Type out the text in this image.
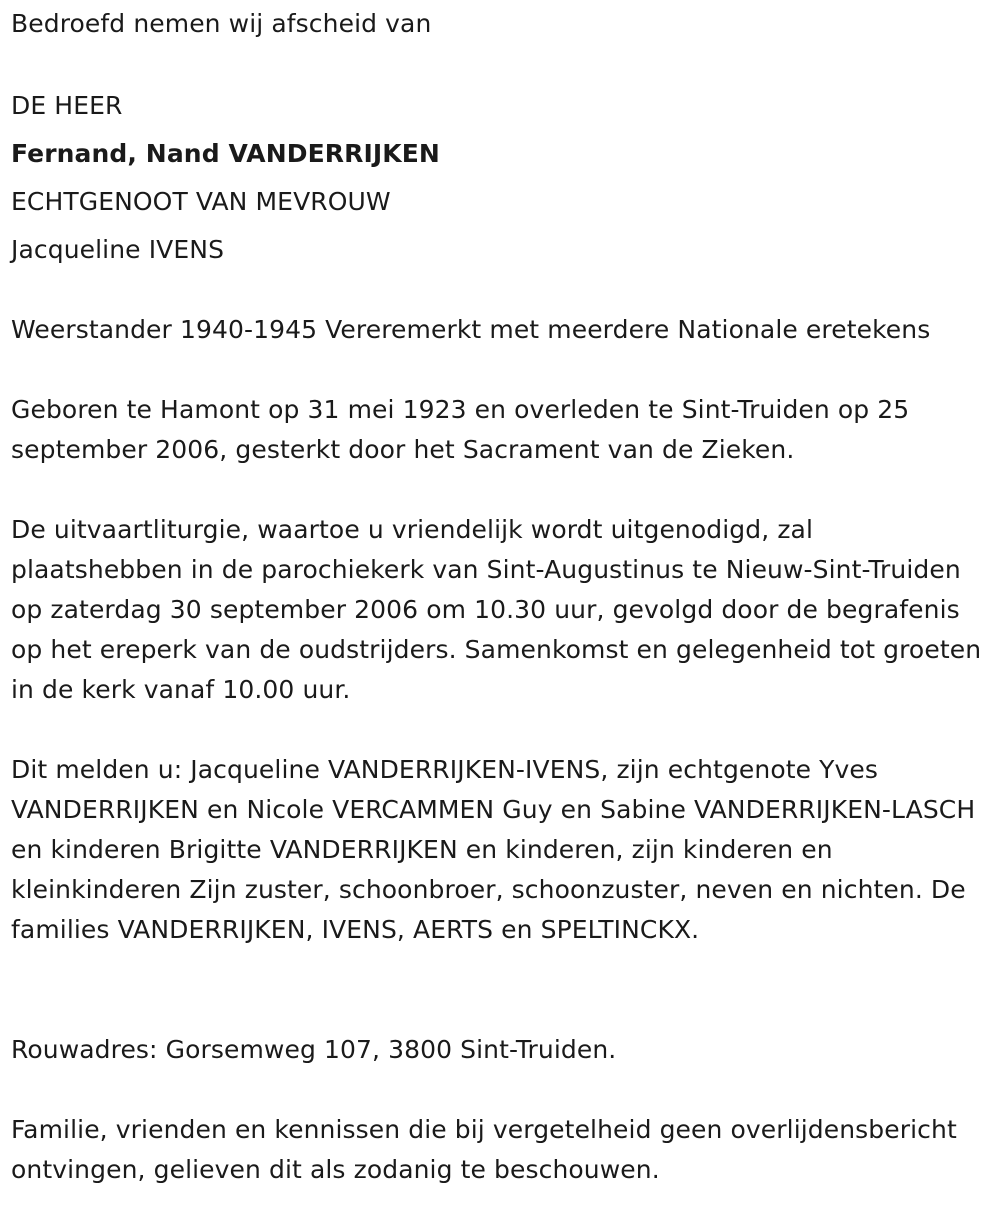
Bedroefd nemen wij afscheid van
DE HEER
Fernand, Nand VANDERRIJKEN
ECHTGENOOT VAN MEVROUW
Jacqueline IVENS
Weerstander 1940-1945 Vereremerkt met meerdere Nationale eretekens
Geboren te Hamont op 31 mei 1923 en overleden te Sint-Truiden op 25 september 2006, gesterkt door het Sacrament van de Zieken.
De uitvaartliturgie, waartoe u vriendelijk wordt uitgenodigd, zal plaatshebben in de parochiekerk van Sint-Augustinus te Nieuw-Sint-Truiden op zaterdag 30 september 2006 om 10.30 uur, gevolgd door de begrafenis op het ereperk van de oudstrijders. Samenkomst en gelegenheid tot groeten in de kerk vanaf 10.00 uur.
Dit melden u: Jacqueline VANDERRIJKEN-IVENS, zijn echtgenote Yves VANDERRIJKEN en Nicole VERCAMMEN Guy en Sabine VANDERRIJKEN-LASCH en kinderen Brigitte VANDERRIJKEN en kinderen, zijn kinderen en kleinkinderen Zijn zuster, schoonbroer, schoonzuster, neven en nichten. De families VANDERRIJKEN, IVENS, AERTS en SPELTINCKX.
Rouwadres: Gorsemweg 107, 3800 Sint-Truiden.
Familie, vrienden en kennissen die bij vergetelheid geen overlijdensbericht ontvingen, gelieven dit als zodanig te beschouwen.
